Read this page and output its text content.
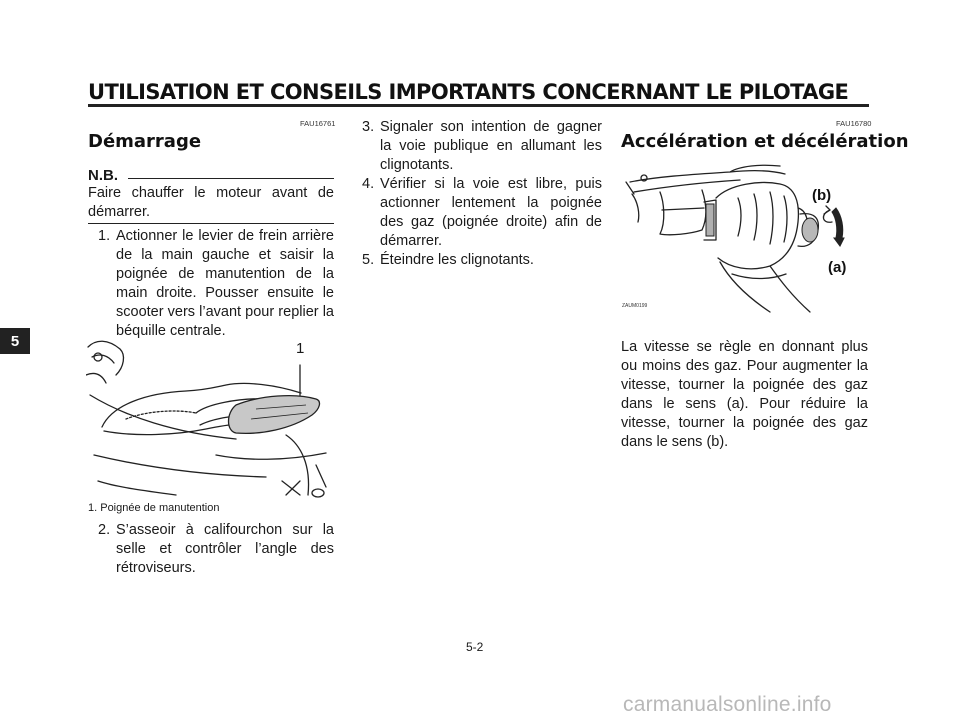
UTILISATION ET CONSEILS IMPORTANTS CONCERNANT LE PILOTAGE
5
FAU16761
Démarrage
N.B.
Faire chauffer le moteur avant de démarrer.
1. Actionner le levier de frein arrière de la main gauche et saisir la poignée de manutention de la main droite. Pousser ensuite le scooter vers l’avant pour replier la béquille centrale.
1
1. Poignée de manutention
2. S’asseoir à califourchon sur la selle et contrôler l’angle des rétroviseurs.
3. Signaler son intention de gagner la voie publique en allumant les clignotants.
4. Vérifier si la voie est libre, puis actionner lentement la poignée des gaz (poignée droite) afin de démarrer.
5. Éteindre les clignotants.
FAU16780
Accélération et décélération
(b)
(a)
ZAUM0199
La vitesse se règle en donnant plus ou moins des gaz. Pour augmenter la vitesse, tourner la poignée des gaz dans le sens (a). Pour réduire la vitesse, tourner la poignée des gaz dans le sens (b).
5-2
carmanualsonline.info
